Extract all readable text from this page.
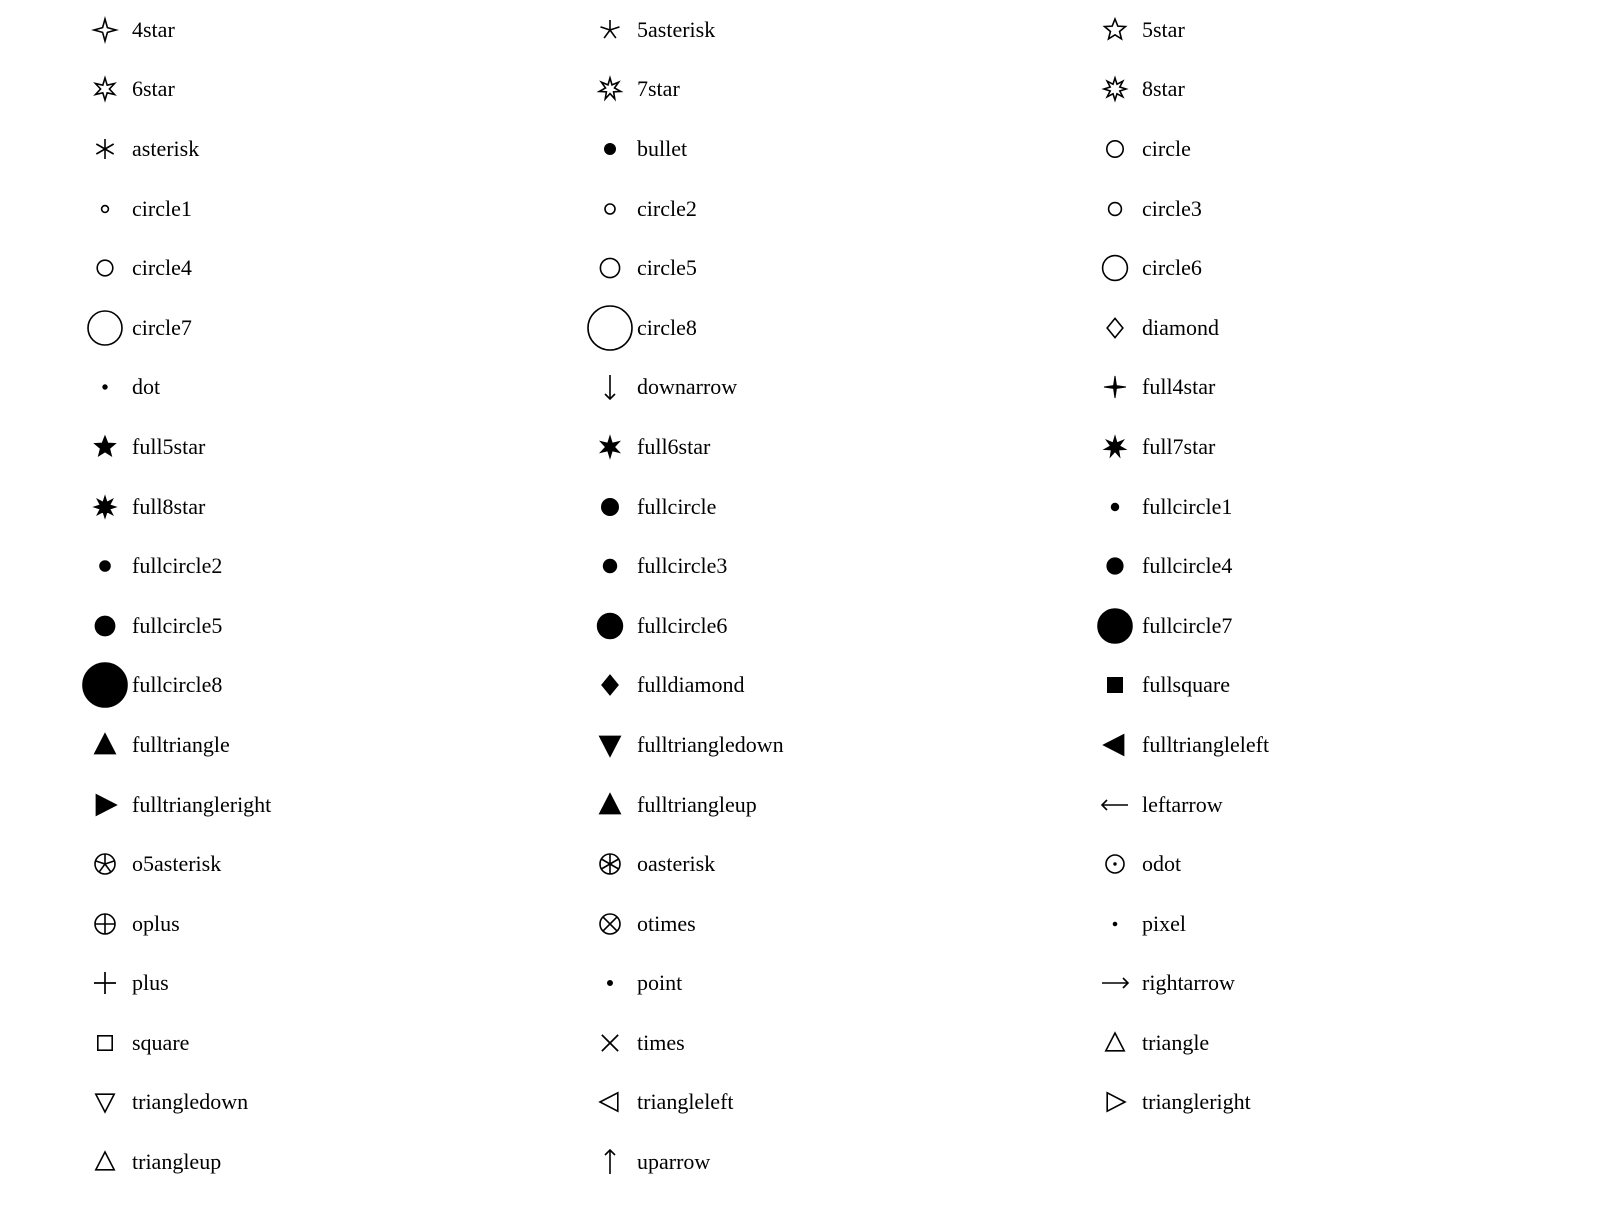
4star	5asterisk	5star
6star	7star	8star
asterisk	bullet	circle
circle1	circle2	circle3
circle4	circle5	circle6
circle7	circle8	diamond
dot	downarrow	full4star
full5star	full6star	full7star
full8star	fullcircle	fullcircle1
fullcircle2	fullcircle3	fullcircle4
fullcircle5	fullcircle6	fullcircle7
fullcircle8	fulldiamond	fullsquare
fulltriangle	fulltriangledown	fulltriangleleft
fulltriangleright	fulltriangleup	leftarrow
o5asterisk	oasterisk	odot
oplus	otimes	pixel
plus	point	rightarrow
square	times	triangle
triangledown	triangleleft	triangleright
triangleup	uparrow
